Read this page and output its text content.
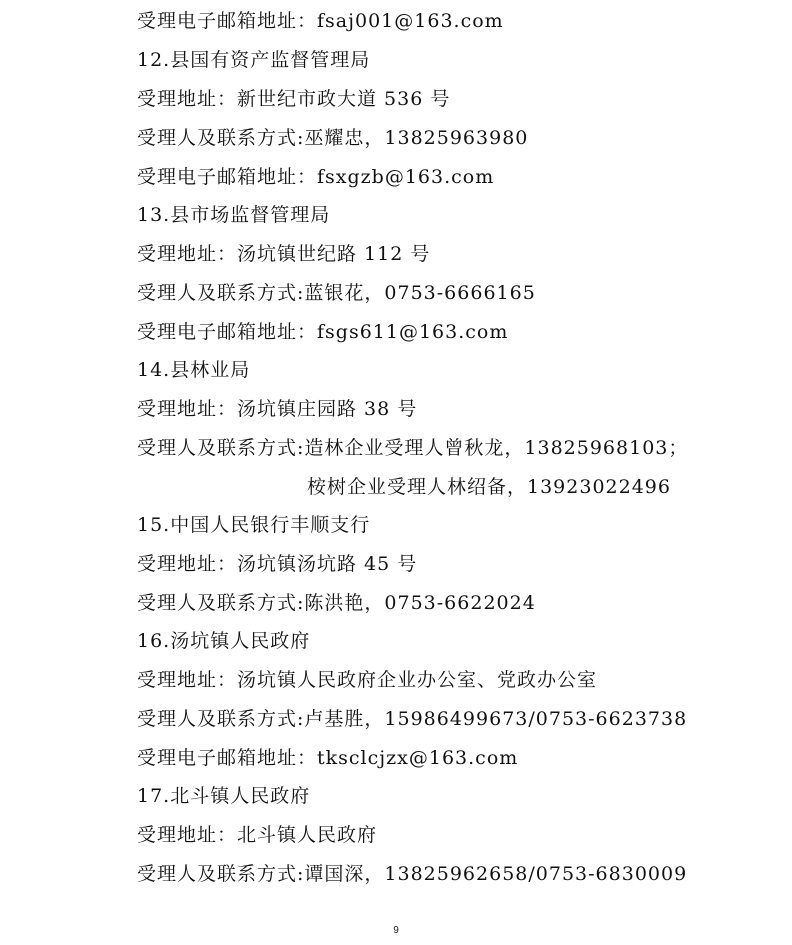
受理电子邮箱地址：fsaj001@163.com
12.县国有资产监督管理局
受理地址：新世纪市政大道 536 号
受理人及联系方式:巫耀忠，13825963980
受理电子邮箱地址：fsxgzb@163.com
13.县市场监督管理局
受理地址：汤坑镇世纪路 112 号
受理人及联系方式:蓝银花，0753-6666165
受理电子邮箱地址：fsgs611@163.com
14.县林业局
受理地址：汤坑镇庄园路 38 号
受理人及联系方式:造林企业受理人曾秋龙，13825968103；
桉树企业受理人林绍备，13923022496
15.中国人民银行丰顺支行
受理地址：汤坑镇汤坑路 45 号
受理人及联系方式:陈洪艳，0753-6622024
16.汤坑镇人民政府
受理地址：汤坑镇人民政府企业办公室、党政办公室
受理人及联系方式:卢基胜，15986499673/0753-6623738
受理电子邮箱地址：tksclcjzx@163.com
17.北斗镇人民政府
受理地址：北斗镇人民政府
受理人及联系方式:谭国深，13825962658/0753-6830009
9
